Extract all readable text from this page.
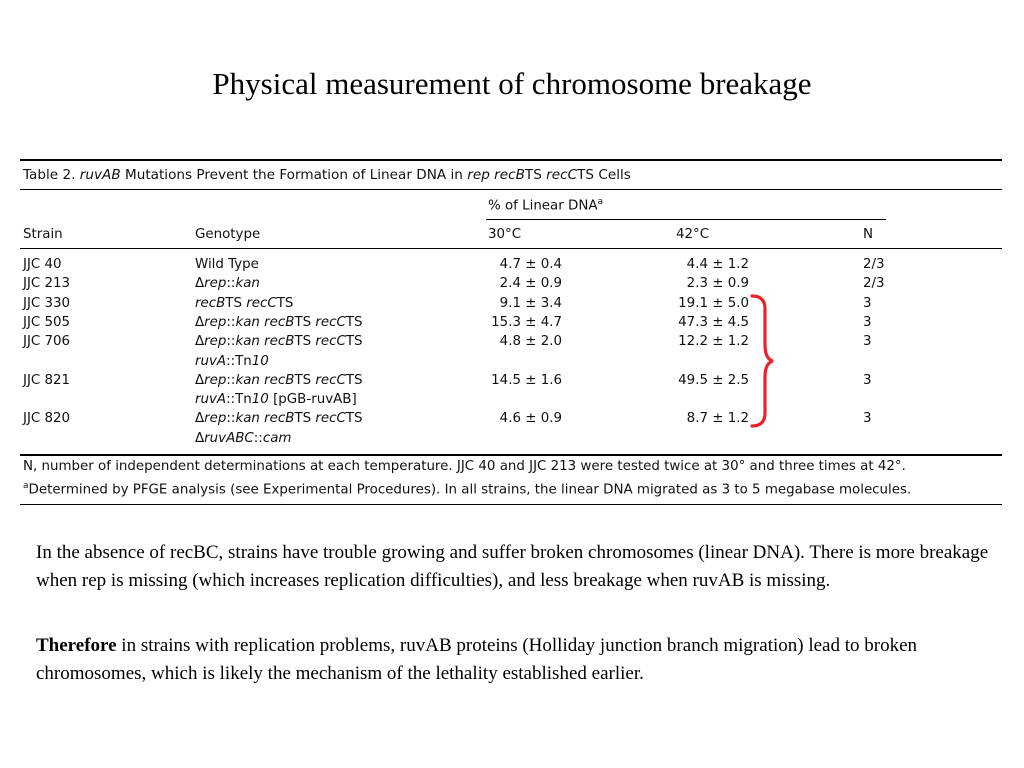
Physical measurement of chromosome breakage
Table 2. ruvAB Mutations Prevent the Formation of Linear DNA in rep recBTS recCTS Cells
% of Linear DNA$^a$
Strain	Genotype	30°C	42°C	N
JJC 40	Wild Type	4.7 ± 0.4	4.4 ± 1.2	2/3
JJC 213	Δrep::kan	2.4 ± 0.9	2.3 ± 0.9	2/3
JJC 330	recBTS recCTS	9.1 ± 3.4	19.1 ± 5.0	3
JJC 505	Δrep::kan recBTS recCTS	15.3 ± 4.7	47.3 ± 4.5	3
JJC 706	Δrep::kan recBTS recCTS	4.8 ± 2.0	12.2 ± 1.2	3
ruvA::Tn10
JJC 821	Δrep::kan recBTS recCTS	14.5 ± 1.6	49.5 ± 2.5	3
ruvA::Tn10 [pGB-ruvAB]
JJC 820	Δrep::kan recBTS recCTS	4.6 ± 0.9	8.7 ± 1.2	3
ΔruvABC::cam
N, number of independent determinations at each temperature. JJC 40 and JJC 213 were tested twice at 30° and three times at 42°.
$^a$Determined by PFGE analysis (see Experimental Procedures). In all strains, the linear DNA migrated as 3 to 5 megabase molecules.
In the absence of recBC, strains have trouble growing and suffer broken chromosomes (linear DNA). There is more breakage when rep is missing (which increases replication difficulties), and less breakage when ruvAB is missing.
Therefore in strains with replication problems, ruvAB proteins (Holliday junction branch migration) lead to broken chromosomes, which is likely the mechanism of the lethality established earlier.
